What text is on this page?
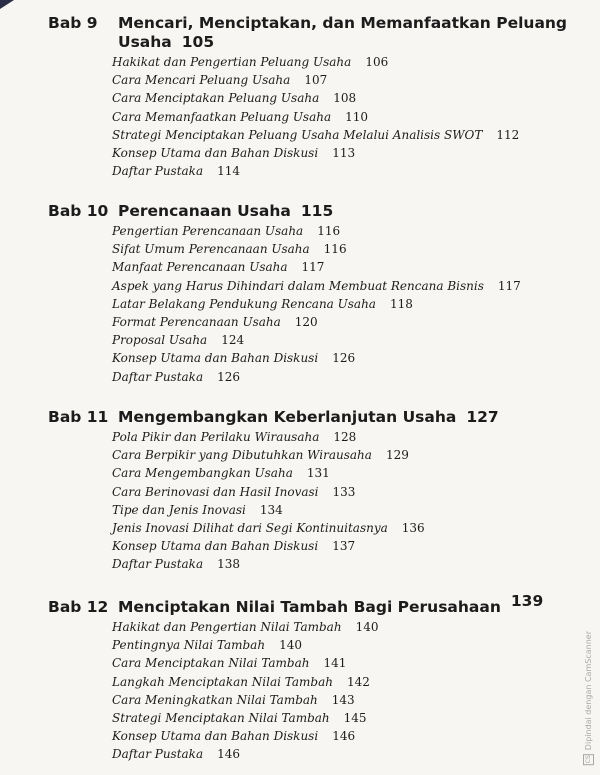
Bab 9	Mencari, Menciptakan, dan Memanfaatkan Peluang Usaha 105
Hakikat dan Pengertian Peluang Usaha 106
Cara Mencari Peluang Usaha 107
Cara Menciptakan Peluang Usaha 108
Cara Memanfaatkan Peluang Usaha 110
Strategi Menciptakan Peluang Usaha Melalui Analisis SWOT 112
Konsep Utama dan Bahan Diskusi 113
Daftar Pustaka 114
Bab 10 Perencanaan Usaha 115
Pengertian Perencanaan Usaha 116
Sifat Umum Perencanaan Usaha 116
Manfaat Perencanaan Usaha 117
Aspek yang Harus Dihindari dalam Membuat Rencana Bisnis 117
Latar Belakang Pendukung Rencana Usaha 118
Format Perencanaan Usaha 120
Proposal Usaha 124
Konsep Utama dan Bahan Diskusi 126
Daftar Pustaka 126
Bab 11 Mengembangkan Keberlanjutan Usaha 127
Pola Pikir dan Perilaku Wirausaha 128
Cara Berpikir yang Dibutuhkan Wirausaha 129
Cara Mengembangkan Usaha 131
Cara Berinovasi dan Hasil Inovasi 133
Tipe dan Jenis Inovasi 134
Jenis Inovasi Dilihat dari Segi Kontinuitasnya 136
Konsep Utama dan Bahan Diskusi 137
Daftar Pustaka 138
Bab 12 Menciptakan Nilai Tambah Bagi Perusahaan 139
Hakikat dan Pengertian Nilai Tambah 140
Pentingnya Nilai Tambah 140
Cara Menciptakan Nilai Tambah 141
Langkah Menciptakan Nilai Tambah 142
Cara Meningkatkan Nilai Tambah 143
Strategi Menciptakan Nilai Tambah 145
Konsep Utama dan Bahan Diskusi 146
Daftar Pustaka 146	CS
Dipindai dengan CamScanner
